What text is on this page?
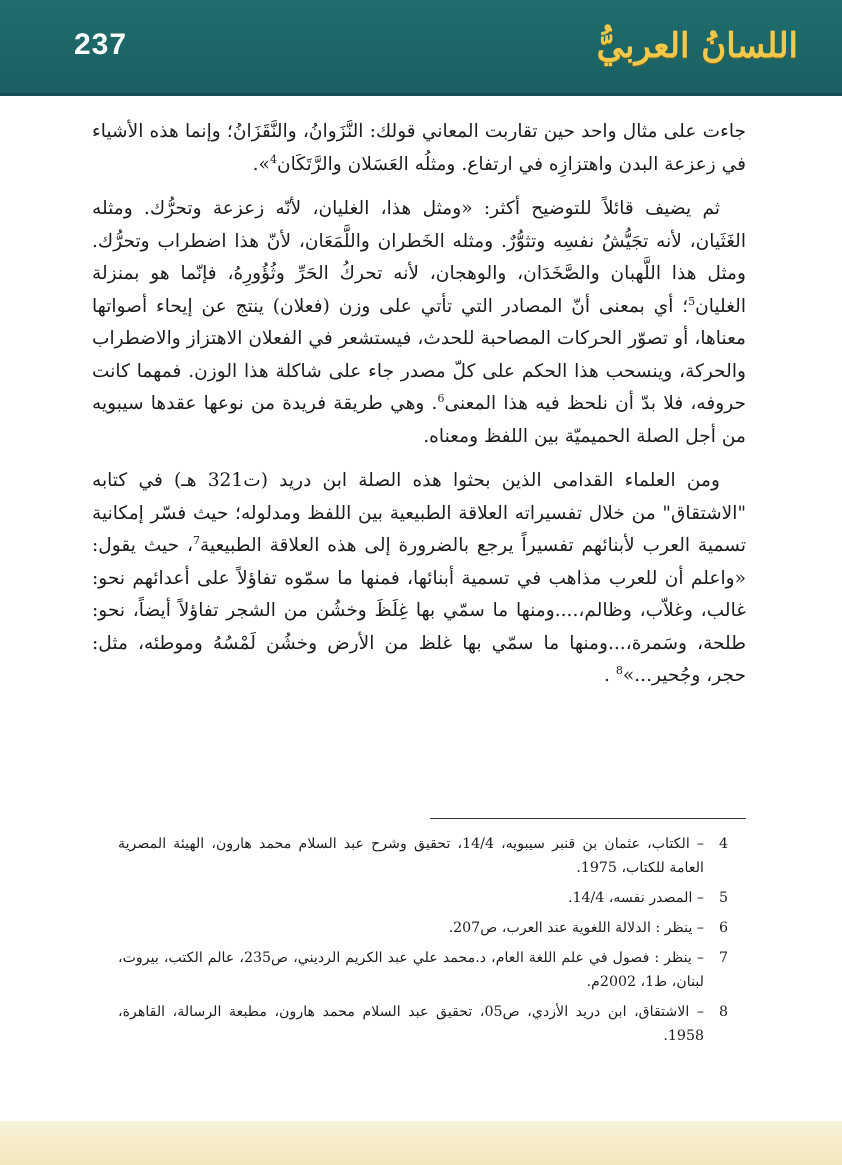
237	اللسانُ العربيُّ

جاءت على مثال واحد حين تقاربت المعاني قولك: النَّزَوانُ، والنَّقَزَانُ؛ وإنما هذه الأشياء في زعزعة البدن واهتزازِه في ارتفاع. ومثلُه العَسَلان والرَّتَكَان$^4$».

ثم يضيف قائلاً للتوضيح أكثر: «ومثل هذا، الغليان، لأنّه زعزعة وتحرُّك. ومثله الغَثَيان، لأنه تجَيُّشُ نفسِه وتثوُّرٌ. ومثله الخَطران واللَّمَعَان، لأنّ هذا اضطراب وتحرُّك. ومثل هذا اللَّهبان والصَّخَدَان، والوهجان، لأنه تحركُ الحَرِّ وثُؤُورِهُ، فإنّما هو بمنزلة الغليان$^5$؛ أي بمعنى أنّ المصادر التي تأتي على وزن (فعلان) ينتج عن إيحاء أصواتها معناها، أو تصوّر الحركات المصاحبة للحدث، فيستشعر في الفعلان الاهتزاز والاضطراب والحركة، وينسحب هذا الحكم على كلّ مصدر جاء على شاكلة هذا الوزن. فمهما كانت حروفه، فلا بدّ أن نلحظ فيه هذا المعنى$^6$. وهي طريقة فريدة من نوعها عقدها سيبويه من أجل الصلة الحميميّة بين اللفظ ومعناه.

ومن العلماء القدامى الذين بحثوا هذه الصلة ابن دريد (ت321 هـ) في كتابه "الاشتقاق" من خلال تفسيراته العلاقة الطبيعية بين اللفظ ومدلوله؛ حيث فسّر إمكانية تسمية العرب لأبنائهم تفسيراً يرجع بالضرورة إلى هذه العلاقة الطبيعية$^7$، حيث يقول: «واعلم أن للعرب مذاهب في تسمية أبنائها، فمنها ما سمّوه تفاؤلاً على أعدائهم نحو: غالب، وغلاّب، وظالم،....ومنها ما سمّي بها غِلَظَ وخشُن من الشجر تفاؤلاً أيضاً، نحو: طلحة، وسَمرة،...ومنها ما سمّي بها غلظ من الأرض وخشُن لَمْسُهُ وموطئه، مثل: حجر، وجُحير...»$^8$ .

4– الكتاب، عثمان بن قنبر سيبويه، 14/4، تحقيق وشرح عبد السلام محمد هارون، الهيئة المصرية العامة للكتاب، 1975.

5– المصدر نفسه، 14/4.

6– ينظر : الدلالة اللغوية عند العرب، ص207.

7– ينظر : فصول في علم اللغة العام، د.محمد علي عبد الكريم الرديني، ص235، عالم الكتب، بيروت، لبنان، ط1، 2002م.

8– الاشتقاق، ابن دريد الأزدي، ص05، تحقيق عبد السلام محمد هارون، مطبعة الرسالة، القاهرة، 1958.
